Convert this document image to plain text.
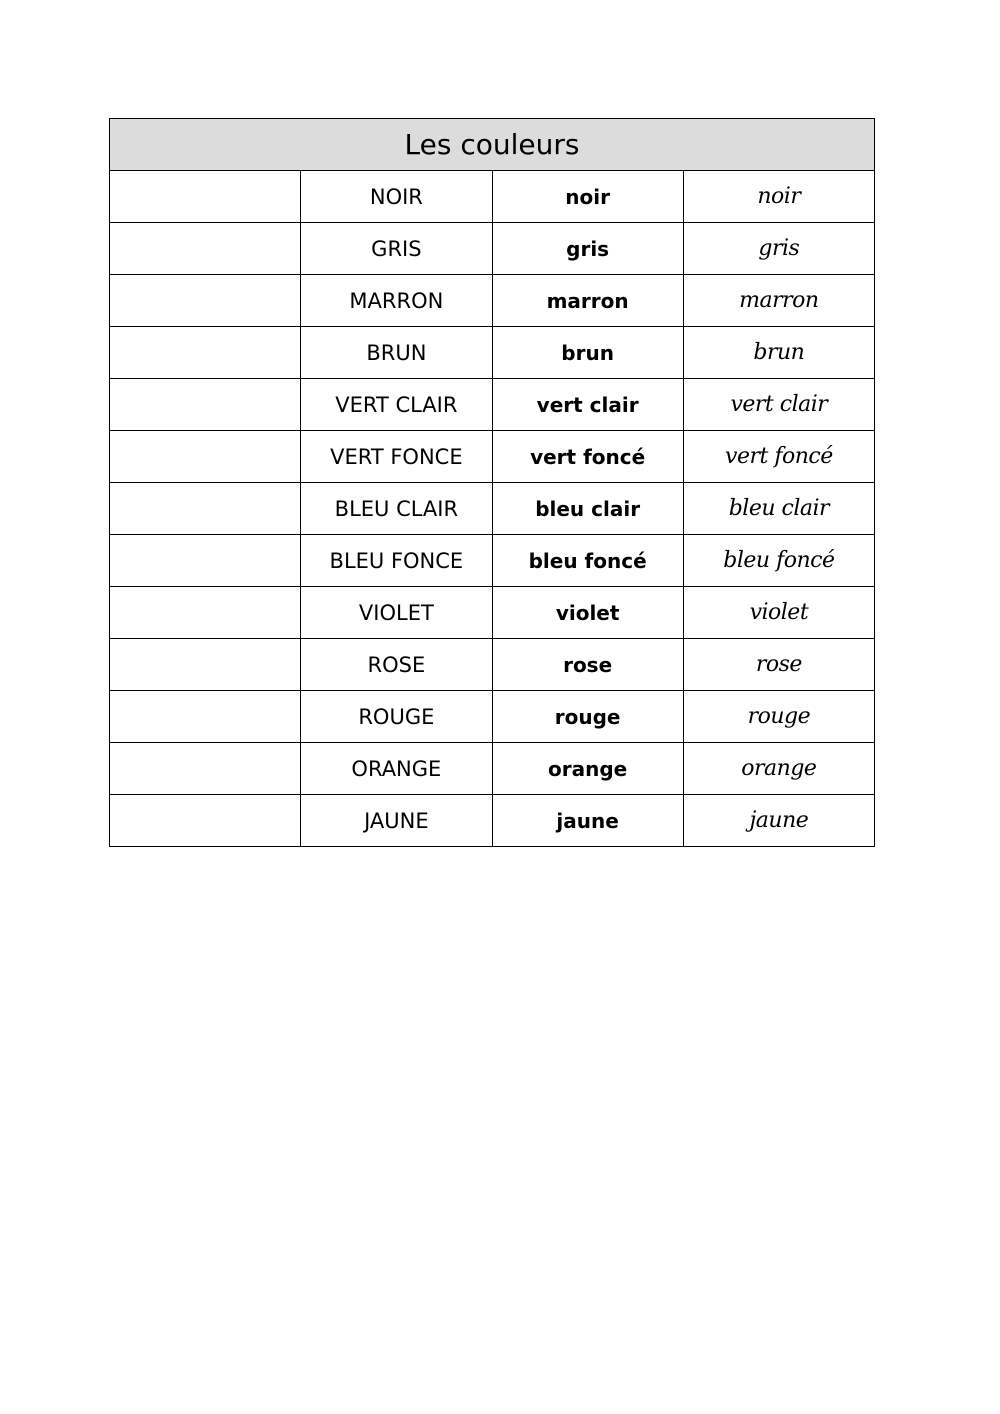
Les couleurs			
	NOIR	noir	noir
	GRIS	gris	gris
	MARRON	marron	marron
	BRUN	brun	brun
	VERT CLAIR	vert clair	vert clair
	VERT FONCE	vert foncé	vert foncé
	BLEU CLAIR	bleu clair	bleu clair
	BLEU FONCE	bleu foncé	bleu foncé
	VIOLET	violet	violet
	ROSE	rose	rose
	ROUGE	rouge	rouge
	ORANGE	orange	orange
	JAUNE	jaune	jaune
